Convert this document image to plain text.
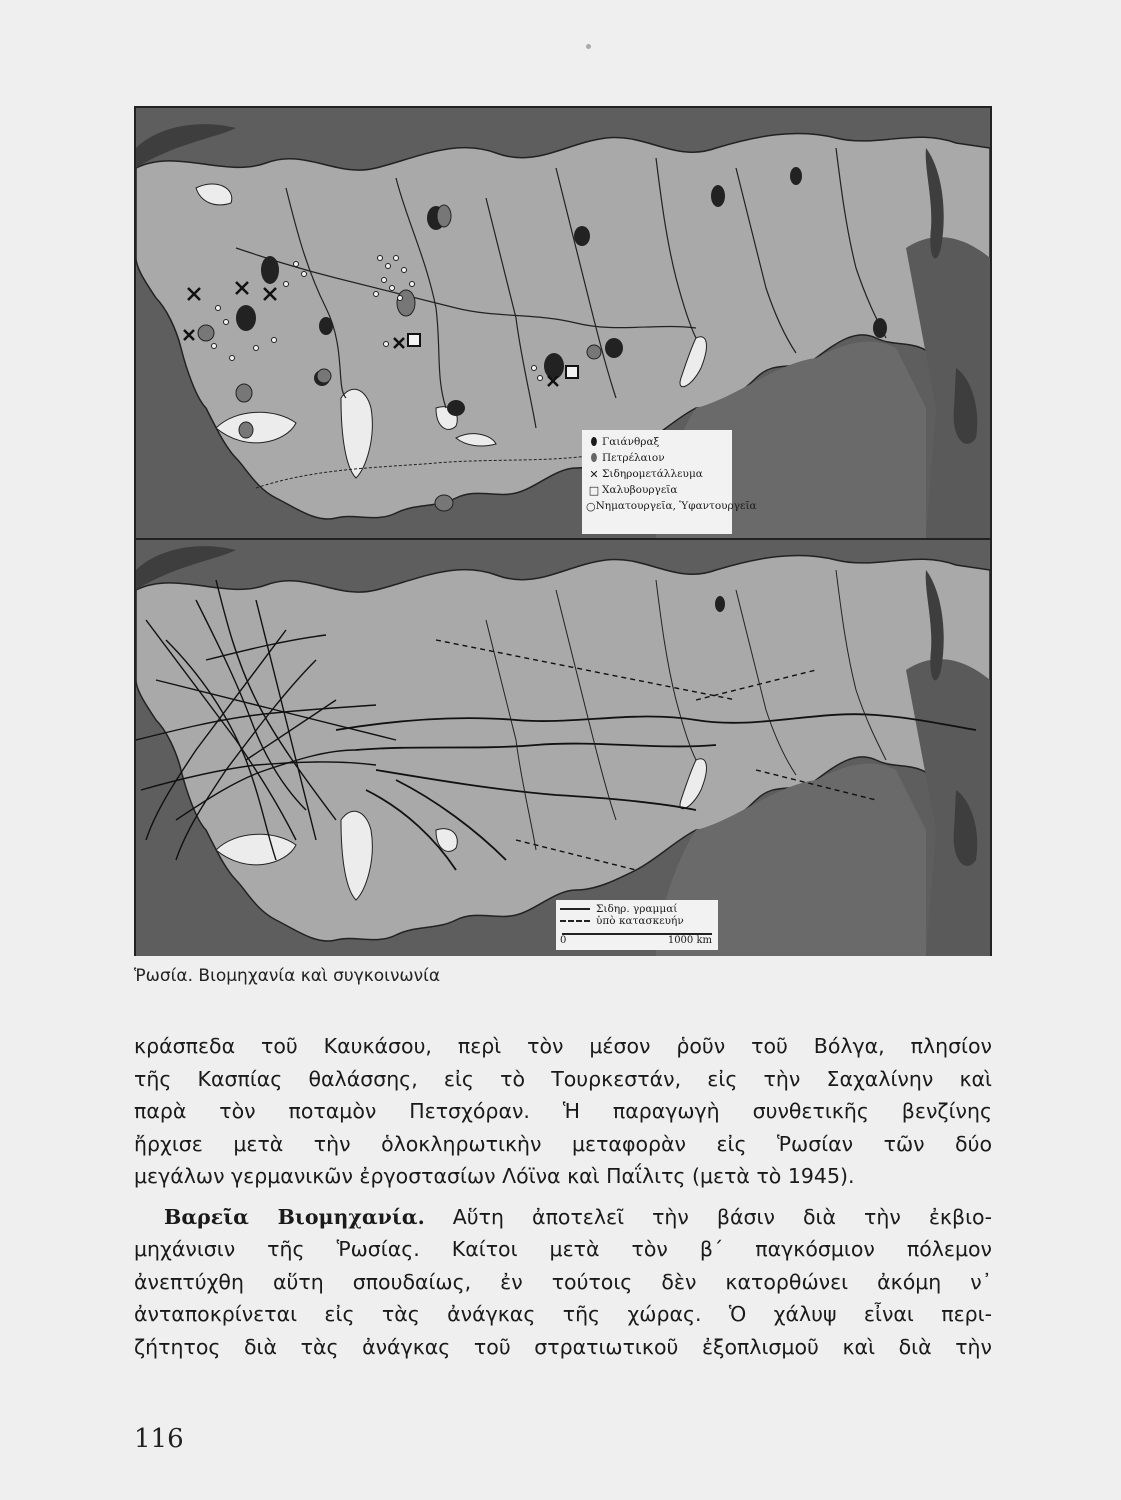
⬮ Γαιάνθραξ
⬮ Πετρέλαιον
✕ Σιδηρομετάλλευμα
□ Χαλυβουργεῖα
○ Νηματουργεῖα, Ὑφαντουργεῖα
Σιδηρ. γραμμαί
ὑπὸ κατασκευήν
0	1000 km
Ῥωσία. Βιομηχανία καὶ συγκοινωνία
κράσπεδα τοῦ Καυκάσου, περὶ τὸν μέσον ῥοῦν τοῦ Βόλγα, πλησίον
τῆς Κασπίας θαλάσσης, εἰς τὸ Τουρκεστάν, εἰς τὴν Σαχαλίνην καὶ
παρὰ τὸν ποταμὸν Πετσχόραν. Ἡ παραγωγὴ συνθετικῆς βενζίνης
ἤρχισε μετὰ τὴν ὁλοκληρωτικὴν μεταφορὰν εἰς Ῥωσίαν τῶν δύο
μεγάλων γερμανικῶν ἐργοστασίων Λόϊνα καὶ Παΐλιτς (μετὰ τὸ 1945).
Βαρεῖα Βιομηχανία. Αὕτη ἀποτελεῖ τὴν βάσιν διὰ τὴν ἐκβιο-
μηχάνισιν τῆς Ῥωσίας. Καίτοι μετὰ τὸν β΄ παγκόσμιον πόλεμον
ἀνεπτύχθη αὕτη σπουδαίως, ἐν τούτοις δὲν κατορθώνει ἀκόμη ν᾿
ἀνταποκρίνεται εἰς τὰς ἀνάγκας τῆς χώρας. Ὁ χάλυψ εἶναι περι-
ζήτητος διὰ τὰς ἀνάγκας τοῦ στρατιωτικοῦ ἐξοπλισμοῦ καὶ διὰ τὴν
116
